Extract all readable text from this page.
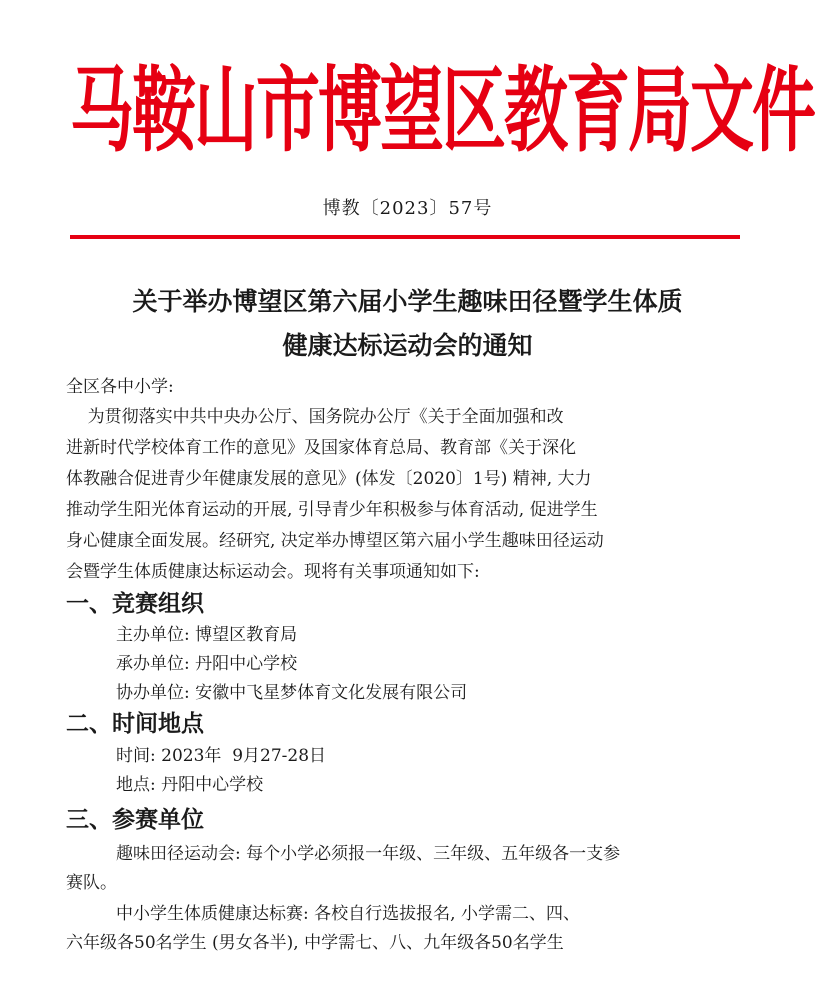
马鞍山市博望区教育局文件
博教〔2023〕57号
关于举办博望区第六届小学生趣味田径暨学生体质
健康达标运动会的通知
全区各中小学:
为贯彻落实中共中央办公厅、国务院办公厅《关于全面加强和改
进新时代学校体育工作的意见》及国家体育总局、教育部《关于深化
体教融合促进青少年健康发展的意见》(体发〔2020〕1号) 精神, 大力
推动学生阳光体育运动的开展, 引导青少年积极参与体育活动, 促进学生
身心健康全面发展。经研究, 决定举办博望区第六届小学生趣味田径运动
会暨学生体质健康达标运动会。现将有关事项通知如下:
一、竞赛组织
主办单位: 博望区教育局
承办单位: 丹阳中心学校
协办单位: 安徽中飞星梦体育文化发展有限公司
二、时间地点
时间: 2023年  9月27-28日
地点: 丹阳中心学校
三、参赛单位
趣味田径运动会: 每个小学必须报一年级、三年级、五年级各一支参
赛队。
中小学生体质健康达标赛: 各校自行选拔报名, 小学需二、四、
六年级各50名学生 (男女各半), 中学需七、八、九年级各50名学生
